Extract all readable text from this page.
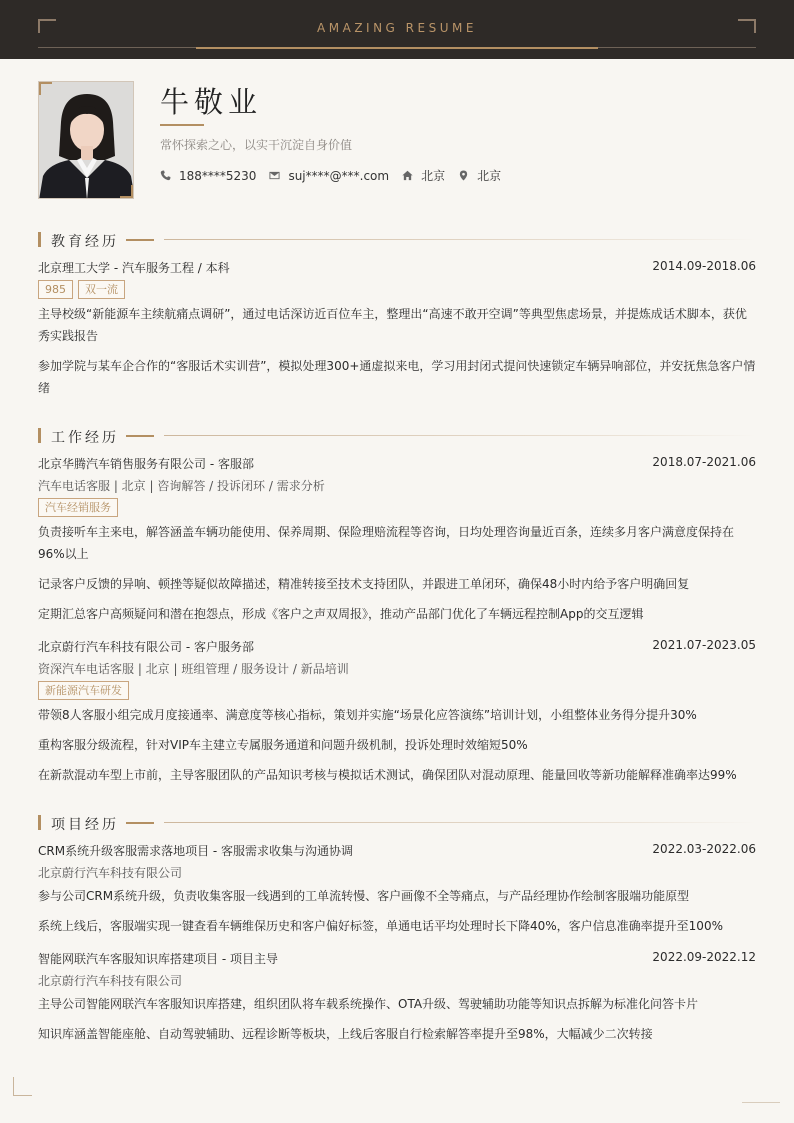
AMAZING RESUME
牛敬业
常怀探索之心，以实干沉淀自身价值
188****5230	suj****@***.com	北京	北京
教育经历
北京理工大学 - 汽车服务工程 / 本科	2014.09-2018.06
985	双一流
主导校级“新能源车主续航痛点调研”，通过电话深访近百位车主，整理出“高速不敢开空调”等典型焦虑场景，并提炼成话术脚本，获优秀实践报告
参加学院与某车企合作的“客服话术实训营”，模拟处理300+通虚拟来电，学习用封闭式提问快速锁定车辆异响部位，并安抚焦急客户情绪
工作经历
北京华腾汽车销售服务有限公司 - 客服部	2018.07-2021.06
汽车电话客服 | 北京 | 咨询解答 / 投诉闭环 / 需求分析
汽车经销服务
负责接听车主来电，解答涵盖车辆功能使用、保养周期、保险理赔流程等咨询，日均处理咨询量近百条，连续多月客户满意度保持在96%以上
记录客户反馈的异响、顿挫等疑似故障描述，精准转接至技术支持团队，并跟进工单闭环，确保48小时内给予客户明确回复
定期汇总客户高频疑问和潜在抱怨点，形成《客户之声双周报》，推动产品部门优化了车辆远程控制App的交互逻辑
北京蔚行汽车科技有限公司 - 客户服务部	2021.07-2023.05
资深汽车电话客服 | 北京 | 班组管理 / 服务设计 / 新品培训
新能源汽车研发
带领8人客服小组完成月度接通率、满意度等核心指标，策划并实施“场景化应答演练”培训计划，小组整体业务得分提升30%
重构客服分级流程，针对VIP车主建立专属服务通道和问题升级机制，投诉处理时效缩短50%
在新款混动车型上市前，主导客服团队的产品知识考核与模拟话术测试，确保团队对混动原理、能量回收等新功能解释准确率达99%
项目经历
CRM系统升级客服需求落地项目 - 客服需求收集与沟通协调	2022.03-2022.06
北京蔚行汽车科技有限公司
参与公司CRM系统升级，负责收集客服一线遇到的工单流转慢、客户画像不全等痛点，与产品经理协作绘制客服端功能原型
系统上线后，客服端实现一键查看车辆维保历史和客户偏好标签，单通电话平均处理时长下降40%，客户信息准确率提升至100%
智能网联汽车客服知识库搭建项目 - 项目主导	2022.09-2022.12
北京蔚行汽车科技有限公司
主导公司智能网联汽车客服知识库搭建，组织团队将车载系统操作、OTA升级、驾驶辅助功能等知识点拆解为标准化问答卡片
知识库涵盖智能座舱、自动驾驶辅助、远程诊断等板块，上线后客服自行检索解答率提升至98%，大幅减少二次转接
